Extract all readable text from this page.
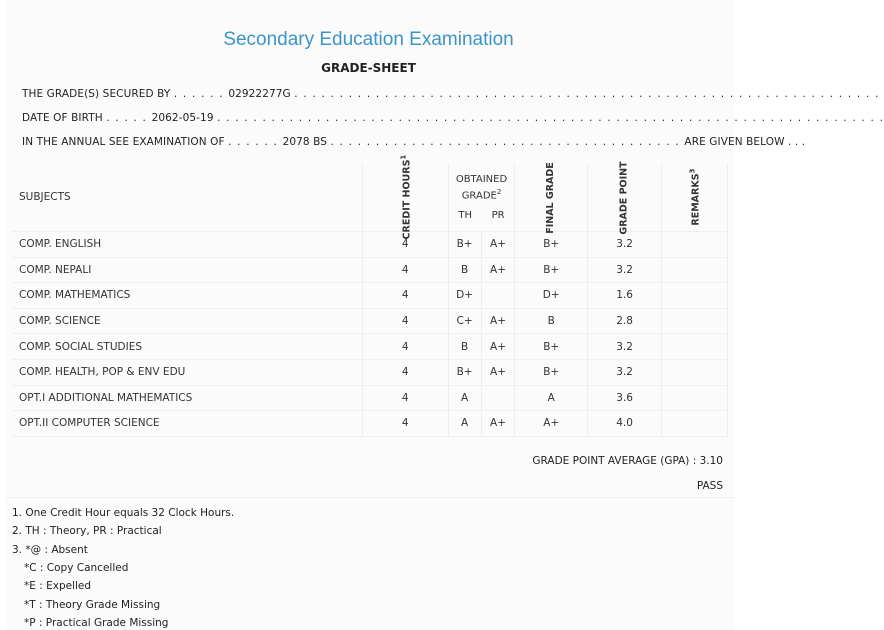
Secondary Education Examination
GRADE-SHEET
THE GRADE(S) SECURED BY . . . . . . 02922277G . . . . . . . . . . . . . . . . . . . . . . . . . . . . . . . . . . . . . . . . . . . . . . . . . . . . . . . . . . . . . . . . .
DATE OF BIRTH . . . . . 2062-05-19 . . . . . . . . . . . . . . . . . . . . . . . . . . . . . . . . . . . . . . . . . . . . . . . . . . . . . . . . . . . . . . . . . . . . . . . . . .
IN THE ANNUAL SEE EXAMINATION OF . . . . . . 2078 BS . . . . . . . . . . . . . . . . . . . . . . . . . . . . . . . . . . . . . . . ARE GIVEN BELOW . . .
SUBJECTS	CREDIT HOURS$^1$	OBTAINED GRADE$^2$
TH PR		FINAL GRADE	GRADE POINT	REMARKS$^3$
COMP. ENGLISH	4	B+	A+	B+	3.2	
COMP. NEPALI	4	B	A+	B+	3.2	
COMP. MATHEMATICS	4	D+		D+	1.6	
COMP. SCIENCE	4	C+	A+	B	2.8	
COMP. SOCIAL STUDIES	4	B	A+	B+	3.2	
COMP. HEALTH, POP & ENV EDU	4	B+	A+	B+	3.2	
OPT.I ADDITIONAL MATHEMATICS	4	A		A	3.6	
OPT.II COMPUTER SCIENCE	4	A	A+	A+	4.0	
GRADE POINT AVERAGE (GPA) : 3.10
PASS
1. One Credit Hour equals 32 Clock Hours.
2. TH : Theory, PR : Practical
3. *@ : Absent
*C : Copy Cancelled
*E : Expelled
*T : Theory Grade Missing
*P : Practical Grade Missing
